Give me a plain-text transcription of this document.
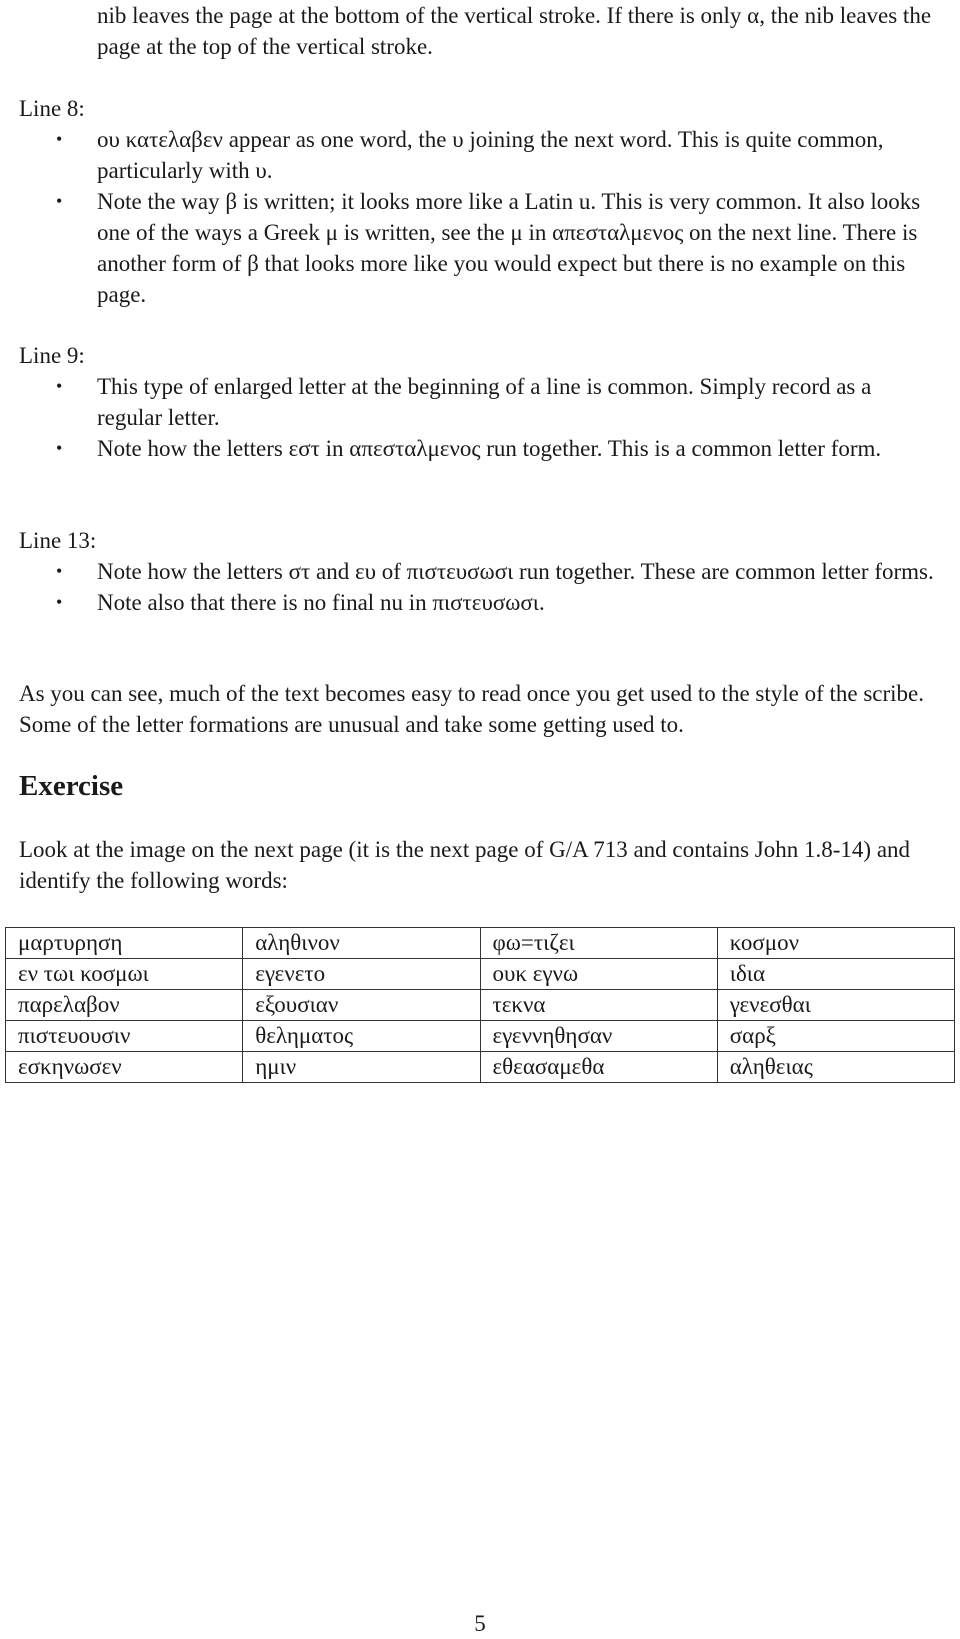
nib leaves the page at the bottom of the vertical stroke. If there is only α, the nib leaves the page at the top of the vertical stroke.

Line 8:

• ου κατελαβεν appear as one word, the υ joining the next word. This is quite common, particularly with υ.
• Note the way β is written; it looks more like a Latin u. This is very common. It also looks one of the ways a Greek μ is written, see the μ in απεσταλμενος on the next line. There is another form of β that looks more like you would expect but there is no example on this page.

Line 9:

• This type of enlarged letter at the beginning of a line is common. Simply record as a regular letter.
• Note how the letters εστ in απεσταλμενος run together. This is a common letter form.

Line 13:

• Note how the letters στ and ευ of πιστευσωσι run together. These are common letter forms.
• Note also that there is no final nu in πιστευσωσι.

As you can see, much of the text becomes easy to read once you get used to the style of the scribe. Some of the letter formations are unusual and take some getting used to.

Exercise

Look at the image on the next page (it is the next page of G/A 713 and contains John 1.8-14) and identify the following words:

μαρτυρηση	αληθινον	φω=τιζει	κοσμον
εν τωι κοσμωι	εγενετο	ουκ εγνω	ιδια
παρελαβον	εξουσιαν	τεκνα	γενεσθαι
πιστευουσιν	θεληματος	εγεννηθησαν	σαρξ
εσκηνωσεν	ημιν	εθεασαμεθα	αληθειας

5
